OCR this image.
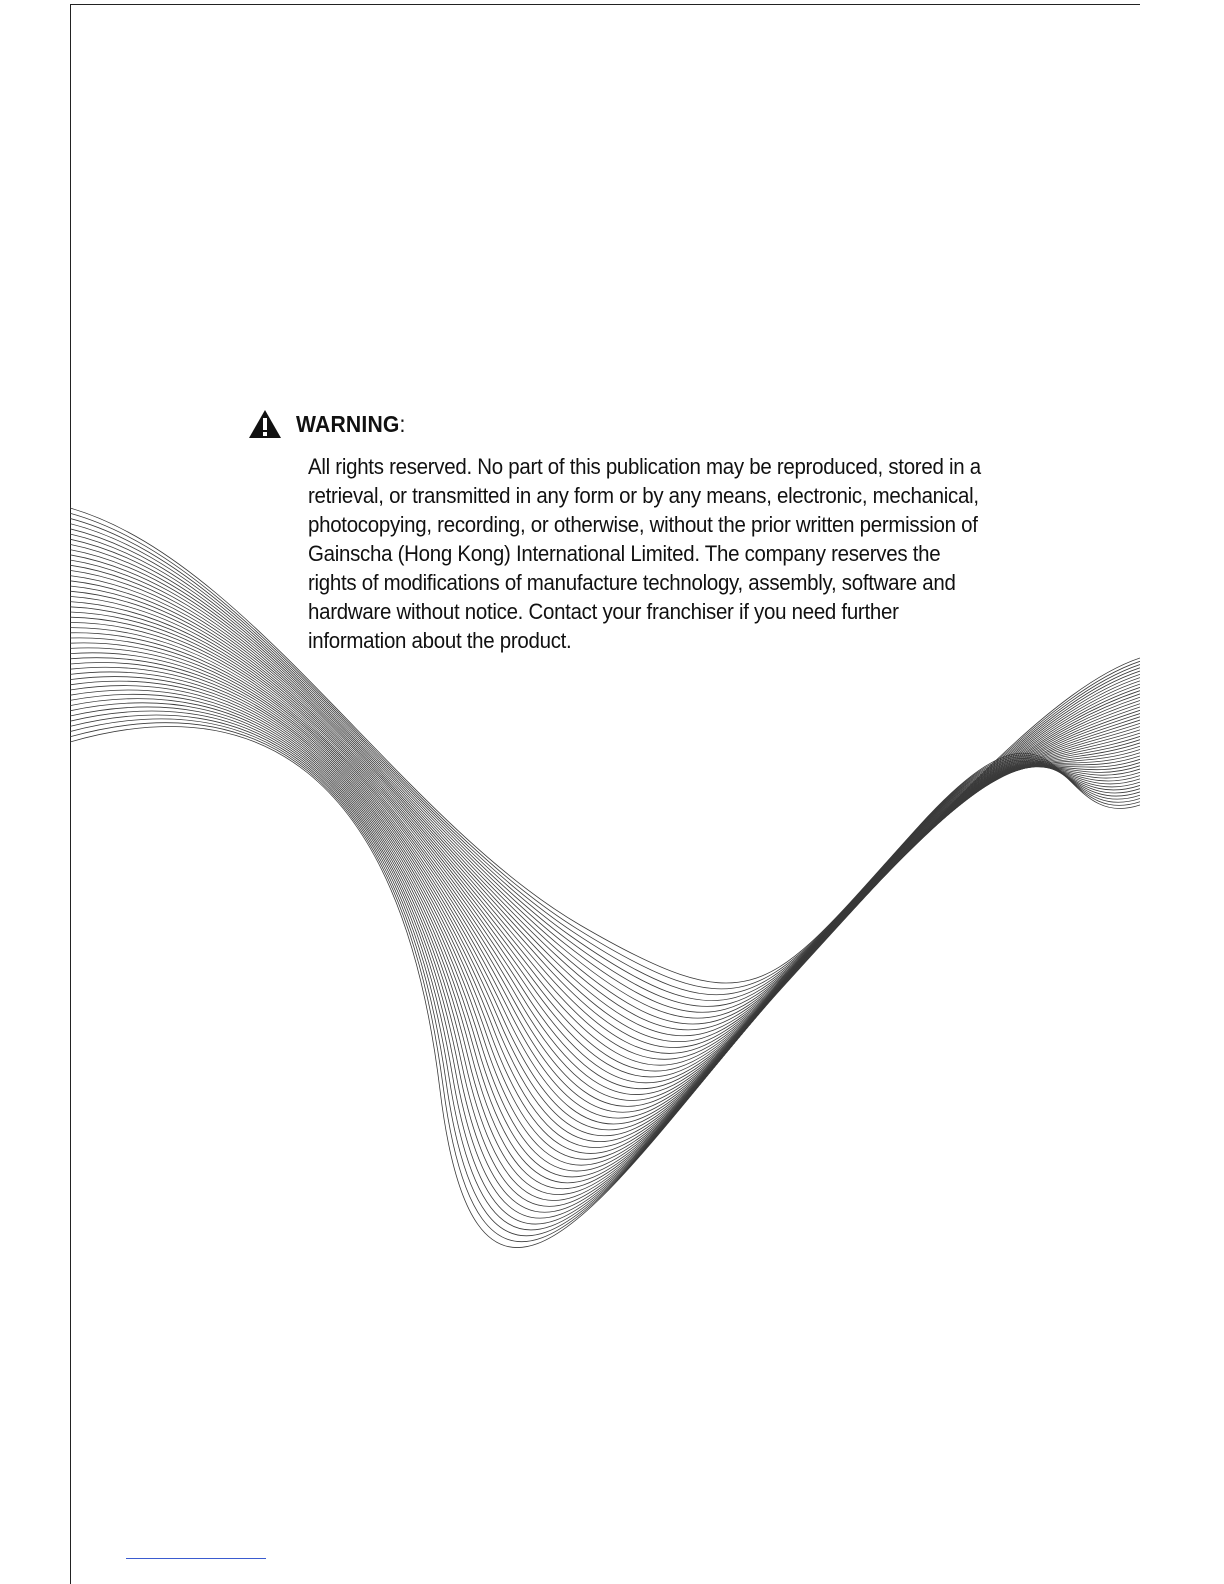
WARNING:
All rights reserved. No part of this publication may be reproduced, stored in a
retrieval, or transmitted in any form or by any means, electronic, mechanical,
photocopying, recording, or otherwise, without the prior written permission of
Gainscha (Hong Kong) International Limited. The company reserves the
rights of modifications of manufacture technology, assembly, software and
hardware without notice. Contact your franchiser if you need further
information about the product.
